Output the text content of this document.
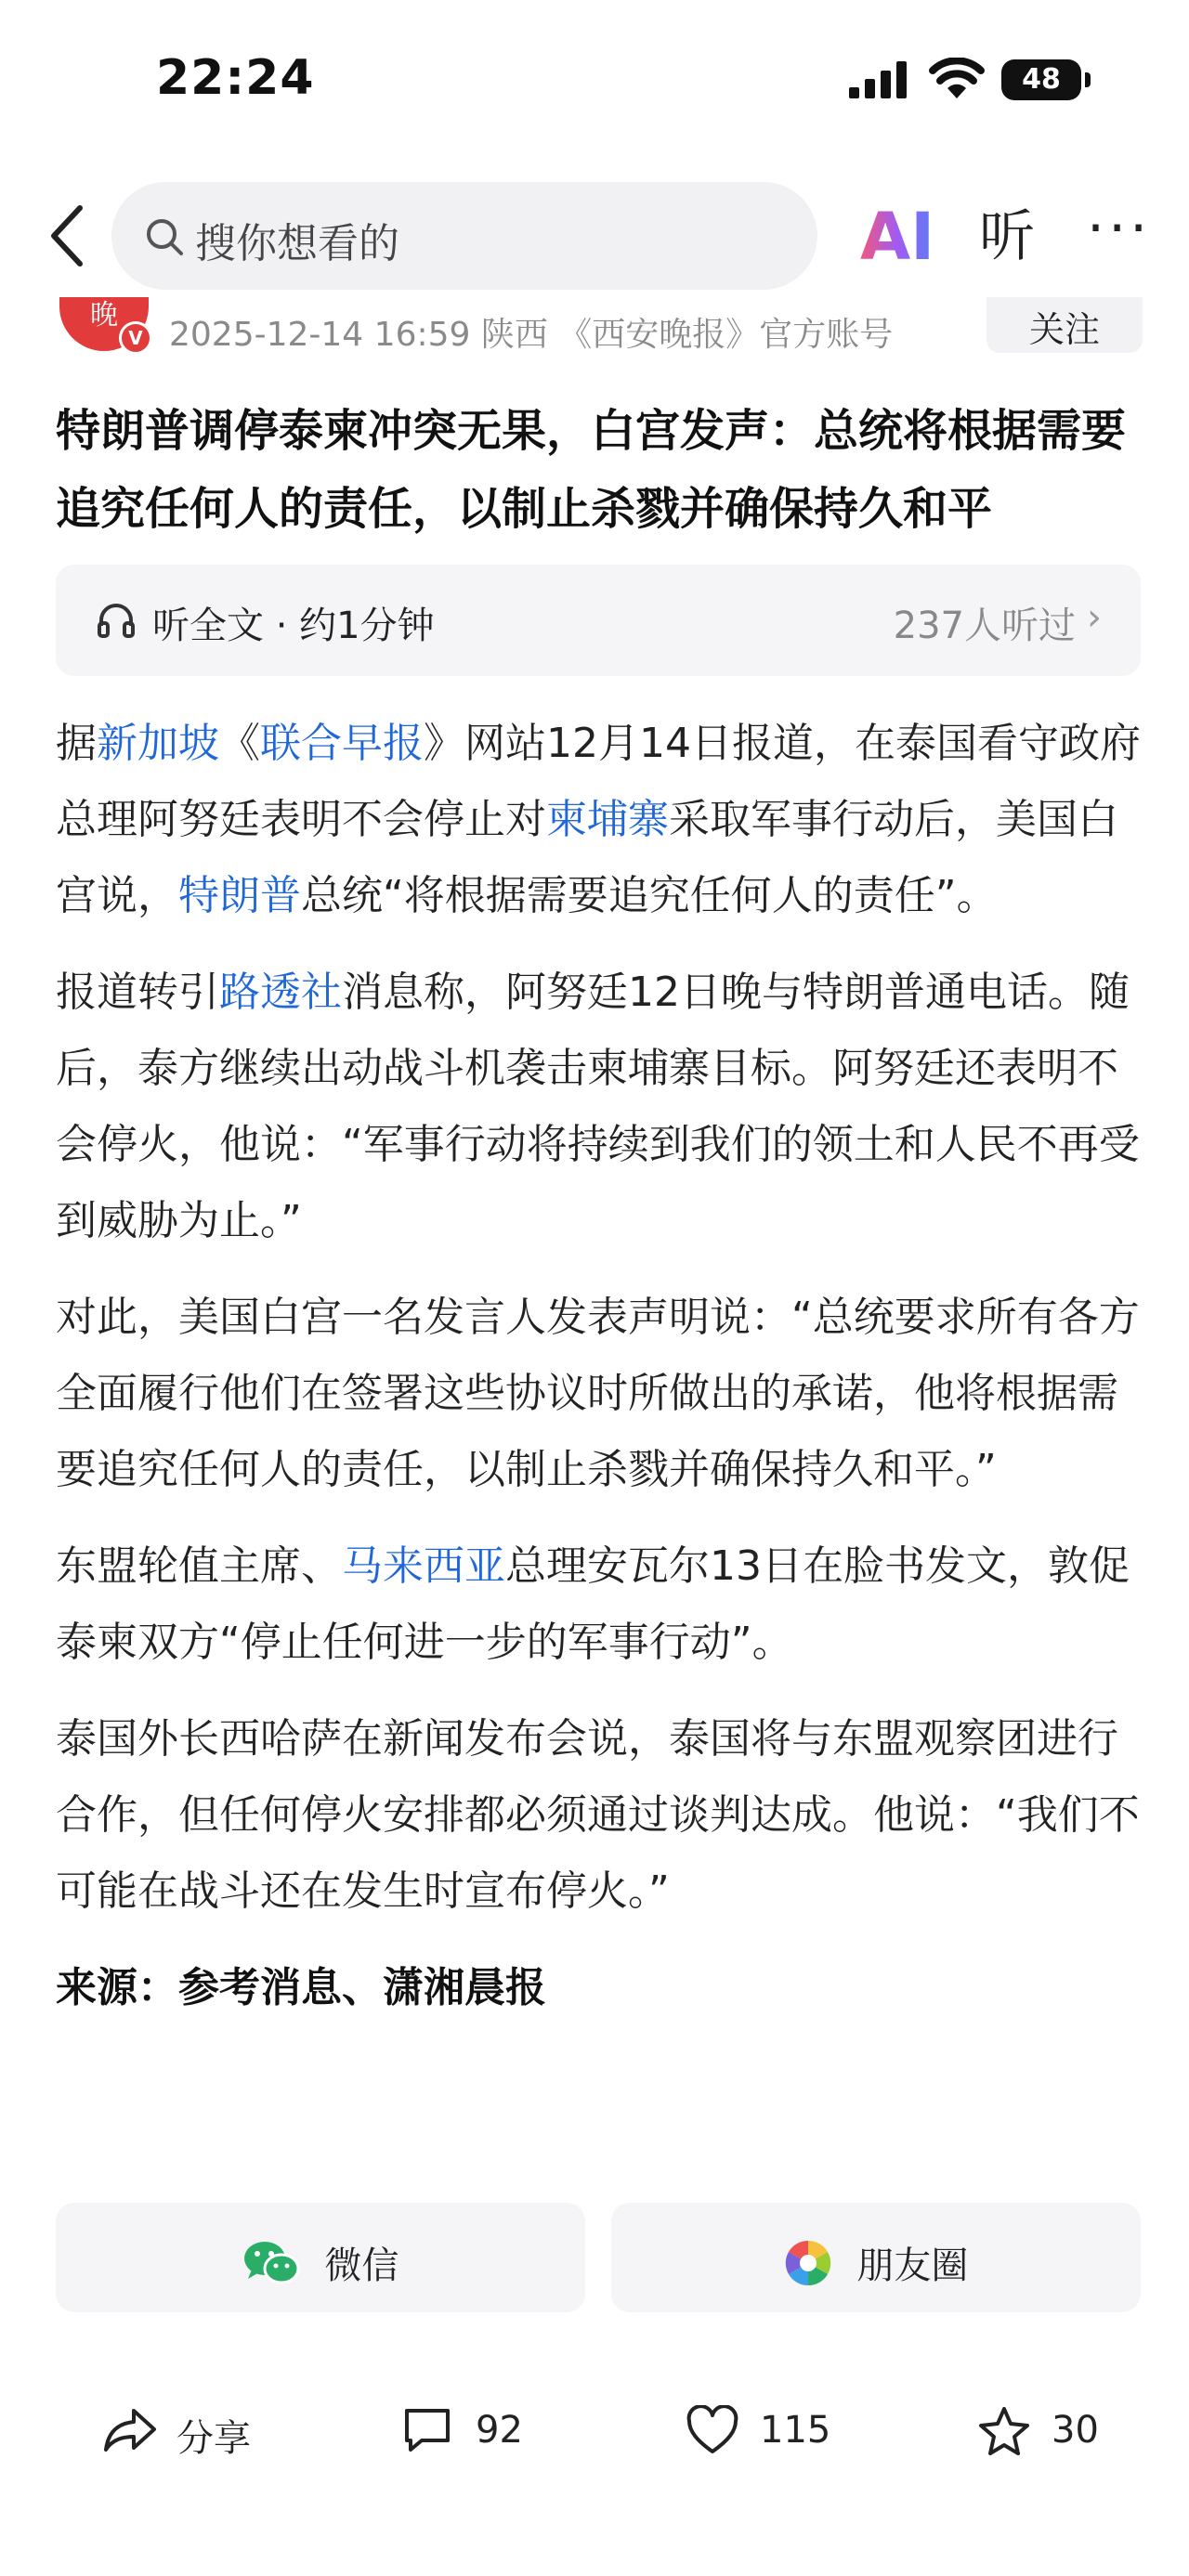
22:24	48
搜你想看的	AI 听 ···
晚
V 2025-12-14 16:59 陕西 《西安晚报》官方账号	关注
特朗普调停泰柬冲突无果，白宫发声：总统将根据需要追究任何人的责任，以制止杀戮并确保持久和平
听全文 · 约1分钟	237人听过 ›

据新加坡《联合早报》网站12月14日报道，在泰国看守政府总理阿努廷表明不会停止对柬埔寨采取军事行动后，美国白宫说，特朗普总统“将根据需要追究任何人的责任”。

报道转引路透社消息称，阿努廷12日晚与特朗普通电话。随后，泰方继续出动战斗机袭击柬埔寨目标。阿努廷还表明不会停火，他说：“军事行动将持续到我们的领土和人民不再受到威胁为止。”

对此，美国白宫一名发言人发表声明说：“总统要求所有各方全面履行他们在签署这些协议时所做出的承诺，他将根据需要追究任何人的责任，以制止杀戮并确保持久和平。”

东盟轮值主席、马来西亚总理安瓦尔13日在脸书发文，敦促泰柬双方“停止任何进一步的军事行动”。

泰国外长西哈萨在新闻发布会说，泰国将与东盟观察团进行合作，但任何停火安排都必须通过谈判达成。他说：“我们不可能在战斗还在发生时宣布停火。”

来源：参考消息、潇湘晨报

微信	朋友圈
分享	92	115	30
